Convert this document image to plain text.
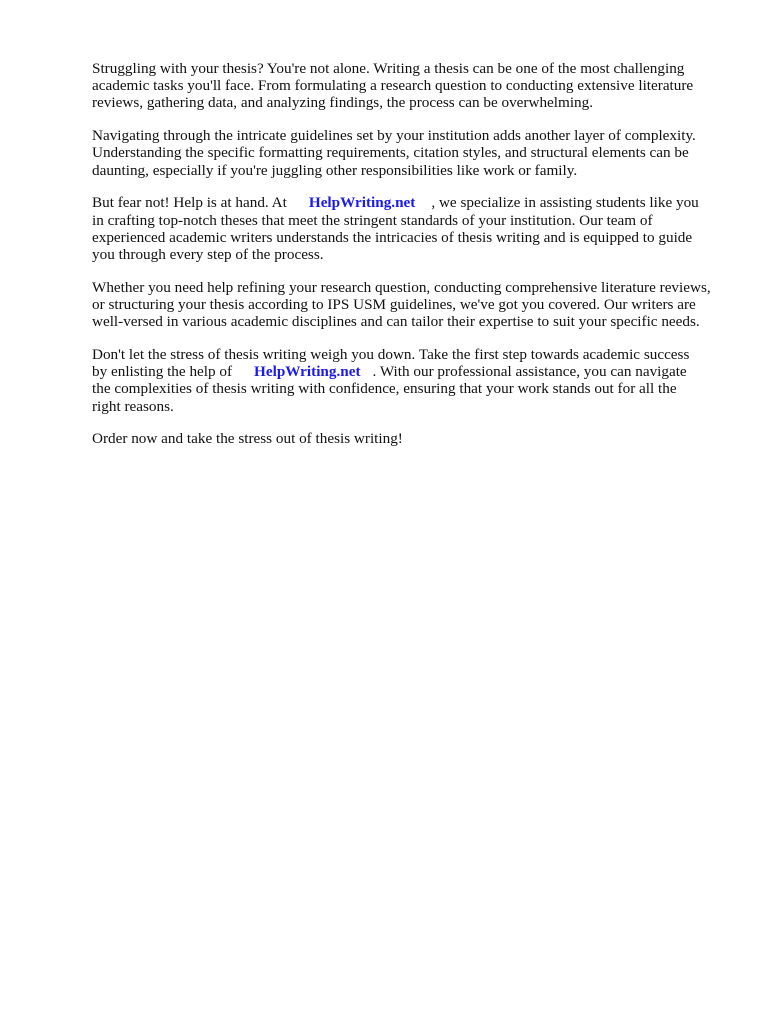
Struggling with your thesis? You're not alone. Writing a thesis can be one of the most challenging
academic tasks you'll face. From formulating a research question to conducting extensive literature
reviews, gathering data, and analyzing findings, the process can be overwhelming.

Navigating through the intricate guidelines set by your institution adds another layer of complexity.
Understanding the specific formatting requirements, citation styles, and structural elements can be
daunting, especially if you're juggling other responsibilities like work or family.

But fear not! Help is at hand. At HelpWriting.net , we specialize in assisting students like you
in crafting top-notch theses that meet the stringent standards of your institution. Our team of
experienced academic writers understands the intricacies of thesis writing and is equipped to guide
you through every step of the process.

Whether you need help refining your research question, conducting comprehensive literature reviews,
or structuring your thesis according to IPS USM guidelines, we've got you covered. Our writers are
well-versed in various academic disciplines and can tailor their expertise to suit your specific needs.

Don't let the stress of thesis writing weigh you down. Take the first step towards academic success
by enlisting the help of HelpWriting.net . With our professional assistance, you can navigate
the complexities of thesis writing with confidence, ensuring that your work stands out for all the
right reasons.

Order now and take the stress out of thesis writing!
